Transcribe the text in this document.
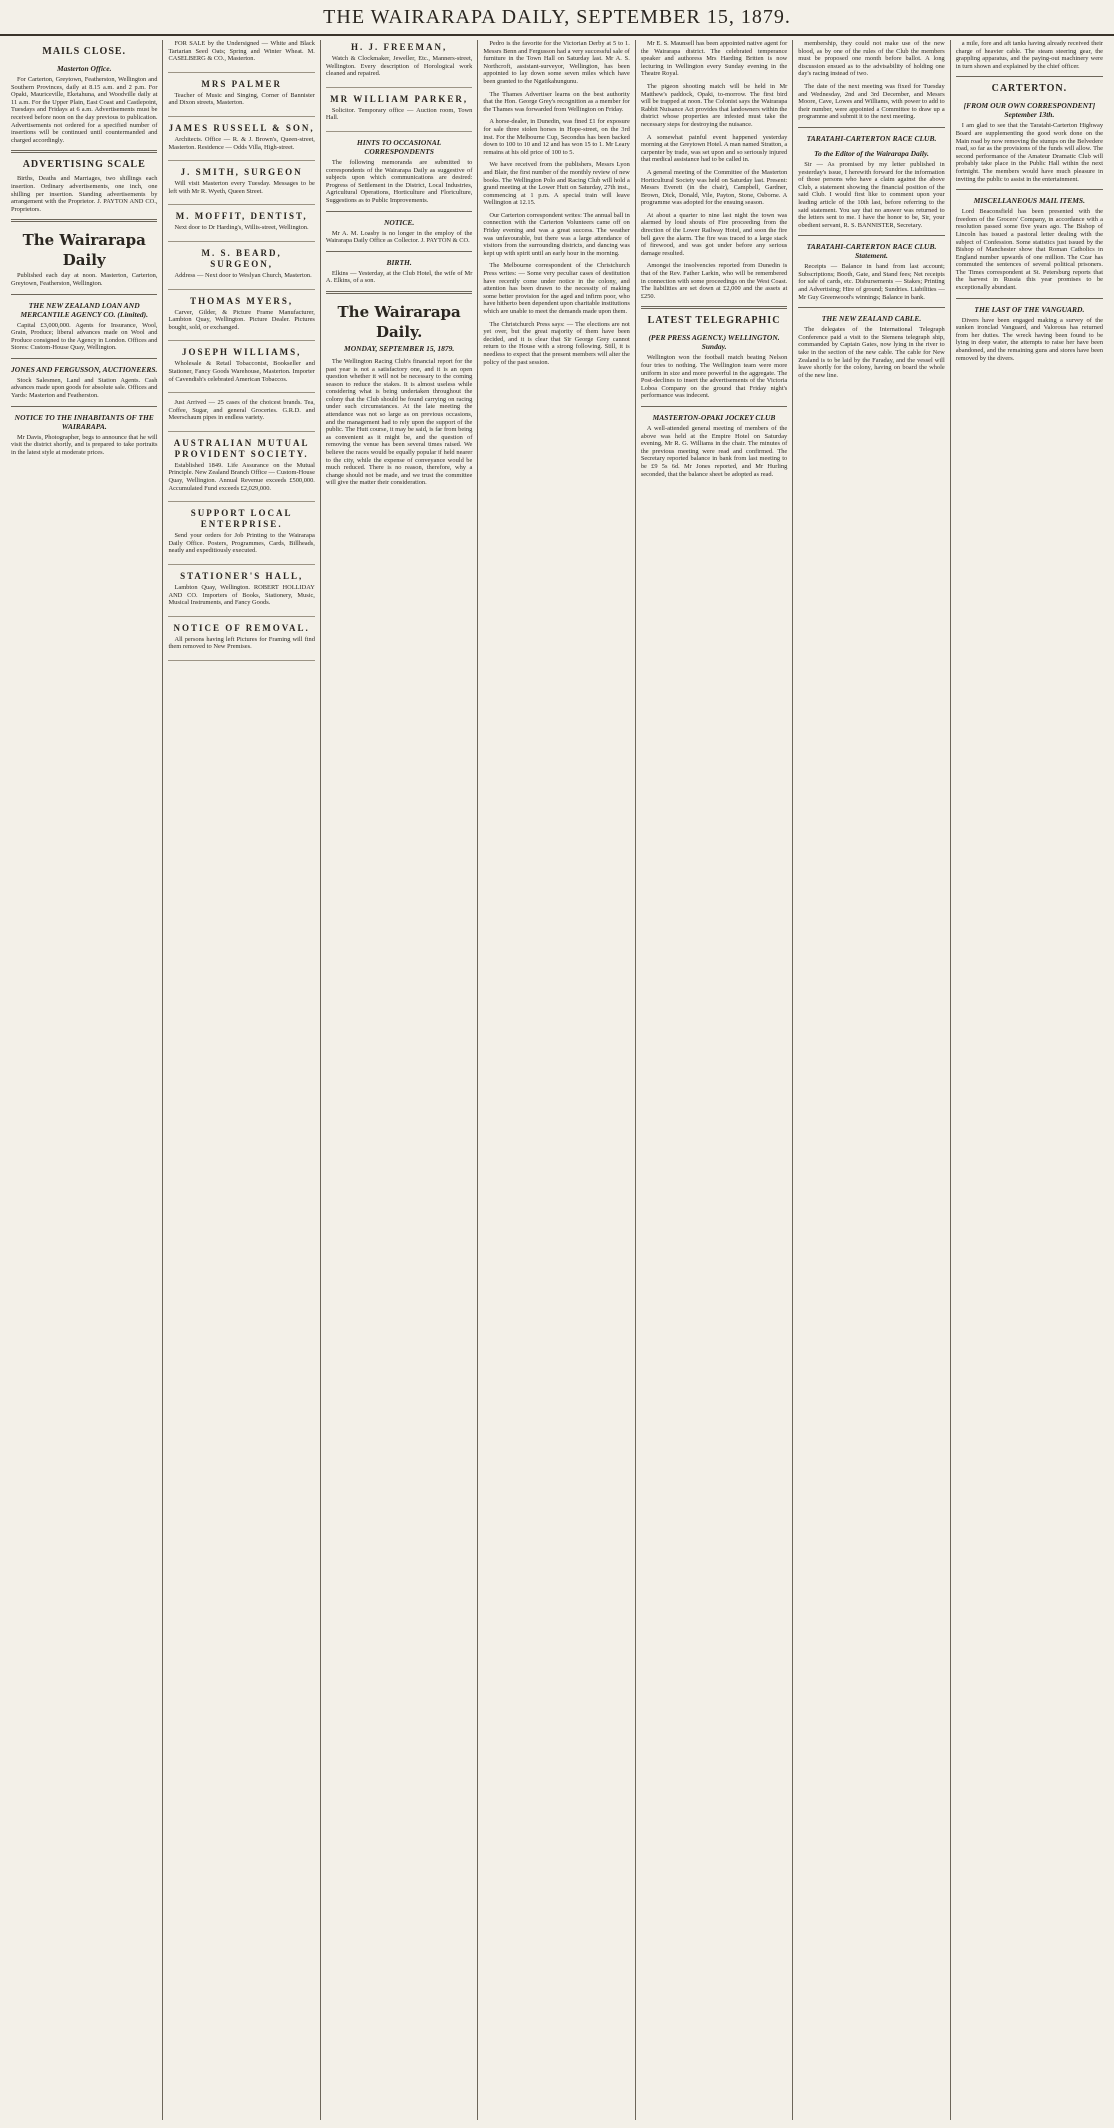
THE WAIRARAPA DAILY, SEPTEMBER 15, 1879.
MAILS CLOSE.
Masterton Office.

For Carterton, Greytown, Featherston, Wellington and Southern Provinces, daily at 8.15 a.m. and 2 p.m. For Opaki, Mauriceville, Eketahuna, and Woodville daily at 11 a.m. For the Upper Plain, East Coast and Castlepoint, Tuesdays and Fridays at 6 a.m. Advertisements must be received before noon on the day previous to publication. Advertisements not ordered for a specified number of insertions will be continued until countermanded and charged accordingly.

ADVERTISING SCALE

Births, Deaths and Marriages, two shillings each insertion. Ordinary advertisements, one inch, one shilling per insertion. Standing advertisements by arrangement with the Proprietor. J. PAYTON AND CO., Proprietors.

The Wairarapa Daily

Published each day at noon. Masterton, Carterton, Greytown, Featherston, Wellington.

THE NEW ZEALAND LOAN AND MERCANTILE AGENCY CO. (Limited).

Capital £3,000,000. Agents for Insurance, Wool, Grain, Produce; liberal advances made on Wool and Produce consigned to the Agency in London. Offices and Stores: Custom-House Quay, Wellington.

JONES AND FERGUSSON, AUCTIONEERS.

Stock Salesmen, Land and Station Agents. Cash advances made upon goods for absolute sale. Offices and Yards: Masterton and Featherston.

NOTICE TO THE INHABITANTS OF THE WAIRARAPA.

Mr Davis, Photographer, begs to announce that he will visit the district shortly, and is prepared to take portraits in the latest style at moderate prices.

FOR SALE by the Undersigned — White and Black Tartarian Seed Oats; Spring and Winter Wheat. M. CASELBERG & CO., Masterton.

MRS PALMER

Teacher of Music and Singing, Corner of Bannister and Dixon streets, Masterton.

JAMES RUSSELL & SON,

Architects. Office — R. & J. Brown's, Queen-street, Masterton. Residence — Odds Villa, High-street.

J. SMITH, SURGEON

Will visit Masterton every Tuesday. Messages to be left with Mr R. Wyeth, Queen Street.

M. MOFFIT, DENTIST,

Next door to Dr Harding's, Willis-street, Wellington.

M. S. BEARD, SURGEON,

Address — Next door to Weslyan Church, Masterton.

THOMAS MYERS,

Carver, Gilder, & Picture Frame Manufacturer, Lambton Quay, Wellington. Picture Dealer. Pictures bought, sold, or exchanged.

JOSEPH WILLIAMS,

Wholesale & Retail Tobacconist, Bookseller and Stationer, Fancy Goods Warehouse, Masterton. Importer of Cavendish's celebrated American Tobaccos.

Just Arrived — 25 cases of the choicest brands. Tea, Coffee, Sugar, and general Groceries. G.R.D. and Meerschaum pipes in endless variety.

AUSTRALIAN MUTUAL PROVIDENT SOCIETY.

Established 1849. Life Assurance on the Mutual Principle. New Zealand Branch Office — Custom-House Quay, Wellington. Annual Revenue exceeds £500,000. Accumulated Fund exceeds £2,029,000.

SUPPORT LOCAL ENTERPRISE.

Send your orders for Job Printing to the Wairarapa Daily Office. Posters, Programmes, Cards, Billheads, neatly and expeditiously executed.

STATIONER'S HALL,

Lambton Quay, Wellington. ROBERT HOLLIDAY AND CO. Importers of Books, Stationery, Music, Musical Instruments, and Fancy Goods.

NOTICE OF REMOVAL.

All persons having left Pictures for Framing will find them removed to New Premises.

H. J. FREEMAN,

Watch & Clockmaker, Jeweller, Etc., Manners-street, Wellington. Every description of Horological work cleaned and repaired.

MR WILLIAM PARKER,

Solicitor. Temporary office — Auction room, Town Hall.

HINTS TO OCCASIONAL CORRESPONDENTS

The following memoranda are submitted to correspondents of the Wairarapa Daily as suggestive of subjects upon which communications are desired: Progress of Settlement in the District, Local Industries, Agricultural Operations, Horticulture and Floriculture, Suggestions as to Public Improvements.

NOTICE.

Mr A. M. Loasby is no longer in the employ of the Wairarapa Daily Office as Collector. J. PAYTON & CO.

BIRTH.

Elkins — Yesterday, at the Club Hotel, the wife of Mr A. Elkins, of a son.

The Wairarapa Daily.
MONDAY, SEPTEMBER 15, 1879.

The Wellington Racing Club's financial report for the past year is not a satisfactory one, and it is an open question whether it will not be necessary to the coming season to reduce the stakes. It is almost useless while considering what is being undertaken throughout the colony that the Club should be found carrying on racing under such circumstances. At the late meeting the attendance was not so large as on previous occasions, and the management had to rely upon the support of the public. The Hutt course, it may be said, is far from being as convenient as it might be, and the question of removing the venue has been several times raised. We believe the races would be equally popular if held nearer to the city, while the expense of conveyance would be much reduced. There is no reason, therefore, why a change should not be made, and we trust the committee will give the matter their consideration.

Pedro is the favorite for the Victorian Derby at 5 to 1. Messrs Benn and Fergusson had a very successful sale of furniture in the Town Hall on Saturday last. Mr A. S. Northcroft, assistant-surveyor, Wellington, has been appointed to lay down some seven miles which have been granted to the Ngatikahungunu.

The Thames Advertiser learns on the best authority that the Hon. George Grey's recognition as a member for the Thames was forwarded from Wellington on Friday.

A horse-dealer, in Dunedin, was fined £1 for exposure for sale three stolen horses in Hope-street, on the 3rd inst. For the Melbourne Cup, Secondus has been backed down to 100 to 10 and 12 and has won 15 to 1. Mr Leary remains at his old price of 100 to 5.

We have received from the publishers, Messrs Lyon and Blair, the first number of the monthly review of new books. The Wellington Polo and Racing Club will hold a grand meeting at the Lower Hutt on Saturday, 27th inst., commencing at 1 p.m. A special train will leave Wellington at 12.15.

Our Carterton correspondent writes: The annual ball in connection with the Carterton Volunteers came off on Friday evening and was a great success. The weather was unfavourable, but there was a large attendance of visitors from the surrounding districts, and dancing was kept up with spirit until an early hour in the morning.

The Melbourne correspondent of the Christchurch Press writes: — Some very peculiar cases of destitution have recently come under notice in the colony, and attention has been drawn to the necessity of making some better provision for the aged and infirm poor, who have hitherto been dependent upon charitable institutions which are unable to meet the demands made upon them.

The Christchurch Press says: — The elections are not yet over, but the great majority of them have been decided, and it is clear that Sir George Grey cannot return to the House with a strong following. Still, it is needless to expect that the present members will alter the policy of the past session.

Mr E. S. Maunsell has been appointed native agent for the Wairarapa district. The celebrated temperance speaker and authoress Mrs Harding Britten is now lecturing in Wellington every Sunday evening in the Theatre Royal.

The pigeon shooting match will be held in Mr Matthew's paddock, Opaki, to-morrow. The first bird will be trapped at noon. The Colonist says the Wairarapa Rabbit Nuisance Act provides that landowners within the district whose properties are infested must take the necessary steps for destroying the nuisance.

A somewhat painful event happened yesterday morning at the Greytown Hotel. A man named Stratton, a carpenter by trade, was set upon and so seriously injured that medical assistance had to be called in.

A general meeting of the Committee of the Masterton Horticultural Society was held on Saturday last. Present: Messrs Everett (in the chair), Campbell, Gardner, Brown, Dick, Donald, Vile, Payton, Stone, Osborne. A programme was adopted for the ensuing season.

At about a quarter to nine last night the town was alarmed by loud shouts of Fire proceeding from the direction of the Lower Railway Hotel, and soon the fire bell gave the alarm. The fire was traced to a large stack of firewood, and was got under before any serious damage resulted.

Amongst the insolvencies reported from Dunedin is that of the Rev. Father Larkin, who will be remembered in connection with some proceedings on the West Coast. The liabilities are set down at £2,000 and the assets at £250.

LATEST TELEGRAPHIC
(PER PRESS AGENCY.) WELLINGTON. Sunday.

Wellington won the football match beating Nelson four tries to nothing. The Wellington team were more uniform in size and more powerful in the aggregate. The Post-declines to insert the advertisements of the Victoria Loboa Company on the ground that Friday night's performance was indecent.

MASTERTON-OPAKI JOCKEY CLUB

A well-attended general meeting of members of the above was held at the Empire Hotel on Saturday evening, Mr R. G. Williams in the chair. The minutes of the previous meeting were read and confirmed. The Secretary reported balance in bank from last meeting to be £9 5s 6d. Mr Jones reported, and Mr Hurling seconded, that the balance sheet be adopted as read.

membership, they could not make use of the new blood, as by one of the rules of the Club the members must be proposed one month before ballot. A long discussion ensued as to the advisability of holding one day's racing instead of two.

The date of the next meeting was fixed for Tuesday and Wednesday, 2nd and 3rd December, and Messrs Moore, Cave, Lowes and Williams, with power to add to their number, were appointed a Committee to draw up a programme and submit it to the next meeting.

TARATAHI-CARTERTON RACE CLUB.
To the Editor of the Wairarapa Daily.

Sir — As promised by my letter published in yesterday's issue, I herewith forward for the information of those persons who have a claim against the above Club, a statement showing the financial position of the said Club. I would first like to comment upon your leading article of the 10th last, before referring to the said statement. You say that no answer was returned to the letters sent to me. I have the honor to be, Sir, your obedient servant, R. S. BANNISTER, Secretary.

TARATAHI-CARTERTON RACE CLUB. Statement.

Receipts — Balance in hand from last account; Subscriptions; Booth, Gate, and Stand fees; Net receipts for sale of cards, etc. Disbursements — Stakes; Printing and Advertising; Hire of ground; Sundries. Liabilities — Mr Guy Greenwood's winnings; Balance in bank.

THE NEW ZEALAND CABLE.

The delegates of the International Telegraph Conference paid a visit to the Siemens telegraph ship, commanded by Captain Gates, now lying in the river to take in the section of the new cable. The cable for New Zealand is to be laid by the Faraday, and the vessel will leave shortly for the colony, having on board the whole of the new line.

a mile, fore and aft tanks having already received their charge of heavier cable. The steam steering gear, the grappling apparatus, and the paying-out machinery were in turn shown and explained by the chief officer.

CARTERTON.
[FROM OUR OWN CORRESPONDENT] September 13th.

I am glad to see that the Taratahi-Carterton Highway Board are supplementing the good work done on the Main road by now removing the stumps on the Belvedere road, so far as the provisions of the funds will allow. The second performance of the Amateur Dramatic Club will probably take place in the Public Hall within the next fortnight. The members would have much pleasure in inviting the public to assist in the entertainment.

MISCELLANEOUS MAIL ITEMS.

Lord Beaconsfield has been presented with the freedom of the Grocers' Company, in accordance with a resolution passed some five years ago. The Bishop of Lincoln has issued a pastoral letter dealing with the subject of Confession. Some statistics just issued by the Bishop of Manchester show that Roman Catholics in England number upwards of one million. The Czar has commuted the sentences of several political prisoners. The Times correspondent at St. Petersburg reports that the harvest in Russia this year promises to be exceptionally abundant.

THE LAST OF THE VANGUARD.

Divers have been engaged making a survey of the sunken ironclad Vanguard, and Valorous has returned from her duties. The wreck having been found to be lying in deep water, the attempts to raise her have been abandoned, and the remaining guns and stores have been removed by the divers.
